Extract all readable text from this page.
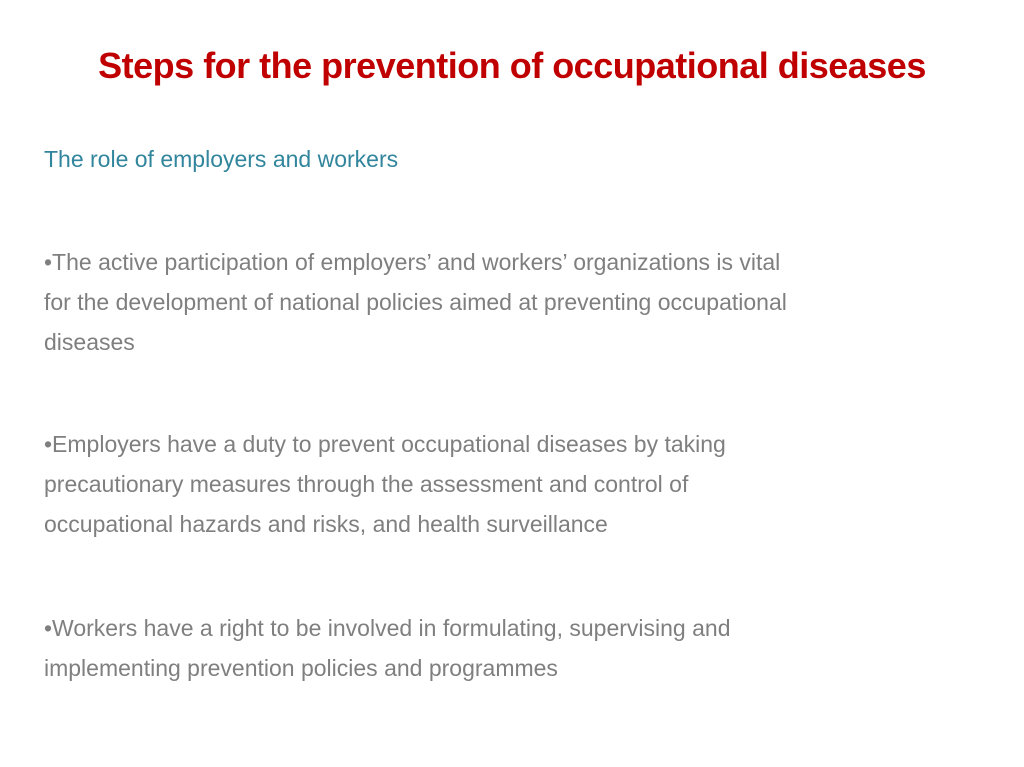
Steps for the prevention of occupational diseases
The role of employers and workers
•The active participation of employers’ and workers’ organizations is vital
for the development of national policies aimed at preventing occupational
diseases
•Employers have a duty to prevent occupational diseases by taking
precautionary measures through the assessment and control of
occupational hazards and risks, and health surveillance
•Workers have a right to be involved in formulating, supervising and
implementing prevention policies and programmes
